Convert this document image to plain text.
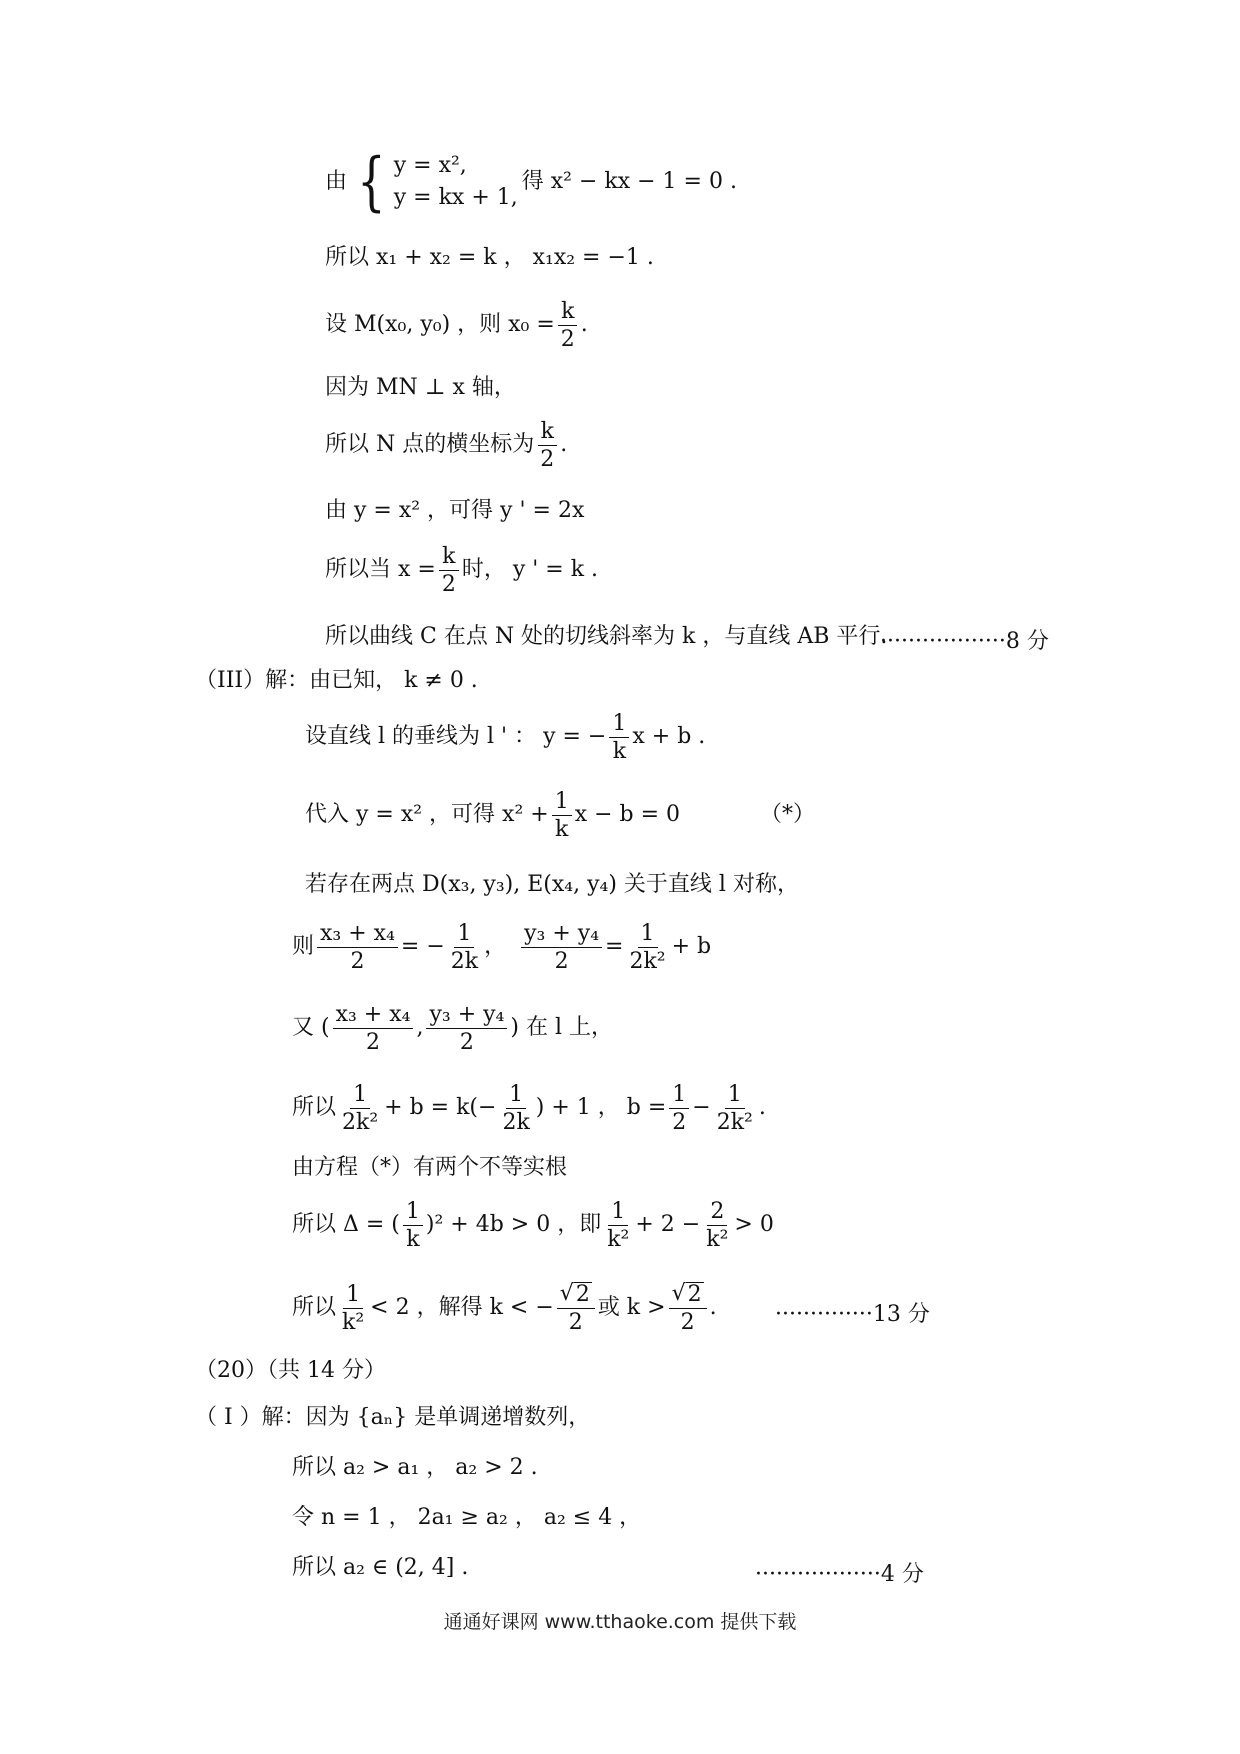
由 { y = x²,
y = kx + 1,
得 x² − kx − 1 = 0 .
所以 x₁ + x₂ = k ， x₁x₂ = −1 .
设 M(x₀, y₀) ，则 $x_0 = \frac{k}{2}$ .
因为 MN ⊥ x 轴，
所以 N 点的横坐标为 $\frac{k}{2}$ .
由 y = x² ，可得 y ' = 2x
所以当 $x = \frac{k}{2}$ 时， y ' = k .
所以曲线 C 在点 N 处的切线斜率为 k ，与直线 AB 平行.
··················8 分
（III）解：由已知， k ≠ 0 .
设直线 l 的垂线为 l ' ： y = − $\frac{1}{k}$ x + b .
代入 y = x² ，可得 $x^2 + \frac{1}{k}$ x − b = 0	（*）
若存在两点 D(x₃, y₃), E(x₄, y₄) 关于直线 l 对称，
则 $\frac{\text{x₃ + x₄}}{2}$ = − $\frac{1}{2k}$ ， $\frac{\text{y₃ + y₄}}{2} = \frac{1}{\text{2k²}} + b$
又 ( $\frac{\text{x₃ + x₄}}{2}$ , $\frac{\text{y₃ + y₄}}{2}$ ) 在 l 上，
所以 $\frac{1}{\text{2k²}} + b = k(- \frac{1}{2k}$ ) + 1 ， $b = \frac{1}{2} - \frac{1}{\text{2k²}}$ .
由方程（*）有两个不等实根
所以 Δ = ( $\frac{1}{k} )^2 + 4b > 0$ ，即 $\frac{1}{\text{k²}} + 2 - \frac{2}{\text{k²}} > 0$
所以 $\frac{1}{\text{k²}} < 2$ ，解得 k < − $\frac{√ 2}{2}$ 或 $k > \frac{√ 2}{2}$ .	··············13 分
（20）（共 14 分）
（ I ）解：因为 {aₙ} 是单调递增数列，
所以 a₂ > a₁ ， a₂ > 2 .
令 n = 1 ， 2a₁ ≥ a₂ ， a₂ ≤ 4 ，
所以 a₂ ∈ (2, 4] .	··················4 分
通通好课网 www.tthaoke.com 提供下载
